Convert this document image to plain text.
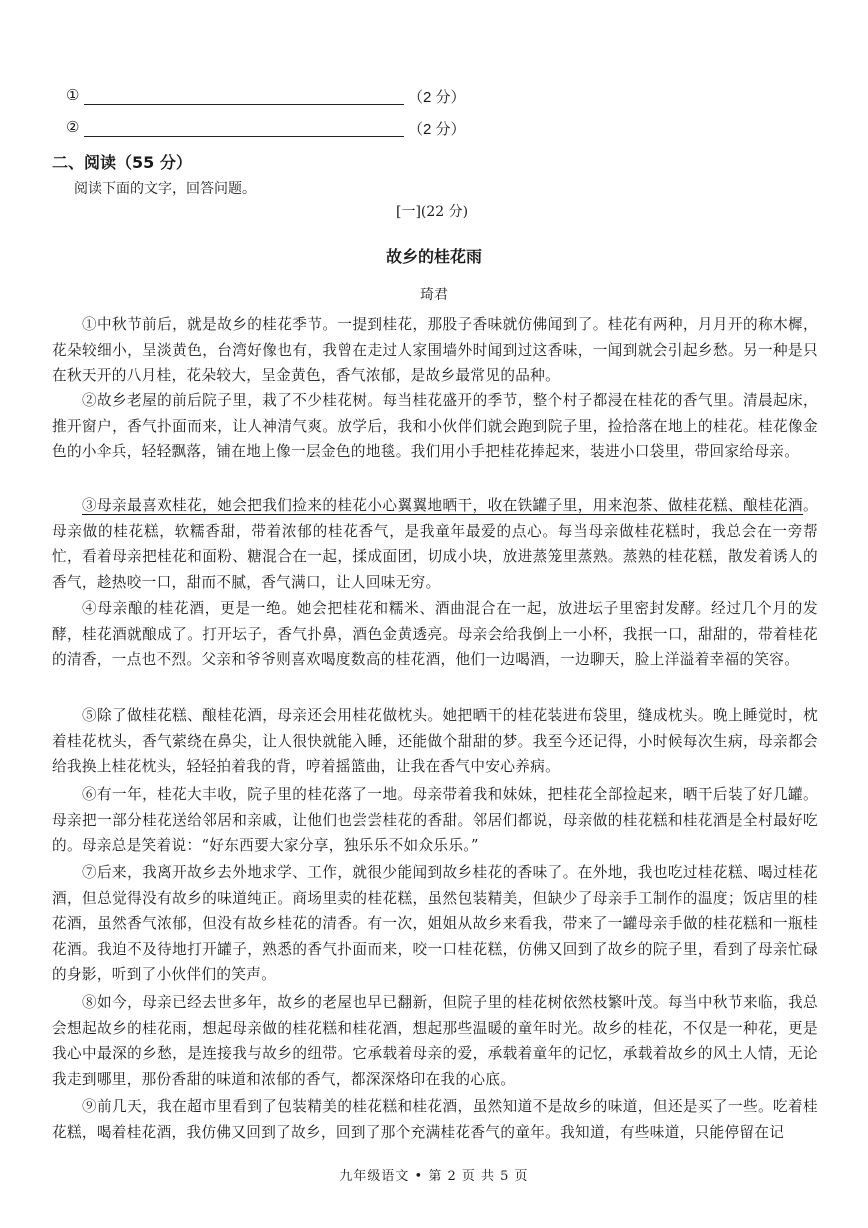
①	（2 分）
②	（2 分）
二、阅读（55 分）
阅读下面的文字，回答问题。
[一](22 分)
故乡的桂花雨
琦君
①中秋节前后，就是故乡的桂花季节。一提到桂花，那股子香味就仿佛闻到了。桂花有两种，月月开的称木樨，花朵较细小，呈淡黄色，台湾好像也有，我曾在走过人家围墙外时闻到过这香味，一闻到就会引起乡愁。另一种是只在秋天开的八月桂，花朵较大，呈金黄色，香气浓郁，是故乡最常见的品种。
②故乡老屋的前后院子里，栽了不少桂花树。每当桂花盛开的季节，整个村子都浸在桂花的香气里。清晨起床，推开窗户，香气扑面而来，让人神清气爽。放学后，我和小伙伴们就会跑到院子里，捡拾落在地上的桂花。桂花像金色的小伞兵，轻轻飘落，铺在地上像一层金色的地毯。我们用小手把桂花捧起来，装进小口袋里，带回家给母亲。
③母亲最喜欢桂花，她会把我们捡来的桂花小心翼翼地晒干，收在铁罐子里，用来泡茶、做桂花糕、酿桂花酒。母亲做的桂花糕，软糯香甜，带着浓郁的桂花香气，是我童年最爱的点心。每当母亲做桂花糕时，我总会在一旁帮忙，看着母亲把桂花和面粉、糖混合在一起，揉成面团，切成小块，放进蒸笼里蒸熟。蒸熟的桂花糕，散发着诱人的香气，趁热咬一口，甜而不腻，香气满口，让人回味无穷。
④母亲酿的桂花酒，更是一绝。她会把桂花和糯米、酒曲混合在一起，放进坛子里密封发酵。经过几个月的发酵，桂花酒就酿成了。打开坛子，香气扑鼻，酒色金黄透亮。母亲会给我倒上一小杯，我抿一口，甜甜的，带着桂花的清香，一点也不烈。父亲和爷爷则喜欢喝度数高的桂花酒，他们一边喝酒，一边聊天，脸上洋溢着幸福的笑容。
⑤除了做桂花糕、酿桂花酒，母亲还会用桂花做枕头。她把晒干的桂花装进布袋里，缝成枕头。晚上睡觉时，枕着桂花枕头，香气萦绕在鼻尖，让人很快就能入睡，还能做个甜甜的梦。我至今还记得，小时候每次生病，母亲都会给我换上桂花枕头，轻轻拍着我的背，哼着摇篮曲，让我在香气中安心养病。
⑥有一年，桂花大丰收，院子里的桂花落了一地。母亲带着我和妹妹，把桂花全部捡起来，晒干后装了好几罐。母亲把一部分桂花送给邻居和亲戚，让他们也尝尝桂花的香甜。邻居们都说，母亲做的桂花糕和桂花酒是全村最好吃的。母亲总是笑着说：“好东西要大家分享，独乐乐不如众乐乐。”
⑦后来，我离开故乡去外地求学、工作，就很少能闻到故乡桂花的香味了。在外地，我也吃过桂花糕、喝过桂花酒，但总觉得没有故乡的味道纯正。商场里卖的桂花糕，虽然包装精美，但缺少了母亲手工制作的温度；饭店里的桂花酒，虽然香气浓郁，但没有故乡桂花的清香。有一次，姐姐从故乡来看我，带来了一罐母亲手做的桂花糕和一瓶桂花酒。我迫不及待地打开罐子，熟悉的香气扑面而来，咬一口桂花糕，仿佛又回到了故乡的院子里，看到了母亲忙碌的身影，听到了小伙伴们的笑声。
⑧如今，母亲已经去世多年，故乡的老屋也早已翻新，但院子里的桂花树依然枝繁叶茂。每当中秋节来临，我总会想起故乡的桂花雨，想起母亲做的桂花糕和桂花酒，想起那些温暖的童年时光。故乡的桂花，不仅是一种花，更是我心中最深的乡愁，是连接我与故乡的纽带。它承载着母亲的爱，承载着童年的记忆，承载着故乡的风土人情，无论我走到哪里，那份香甜的味道和浓郁的香气，都深深烙印在我的心底。
⑨前几天，我在超市里看到了包装精美的桂花糕和桂花酒，虽然知道不是故乡的味道，但还是买了一些。吃着桂花糕，喝着桂花酒，我仿佛又回到了故乡，回到了那个充满桂花香气的童年。我知道，有些味道，只能停留在记
九年级语文 • 第 2 页 共 5 页
